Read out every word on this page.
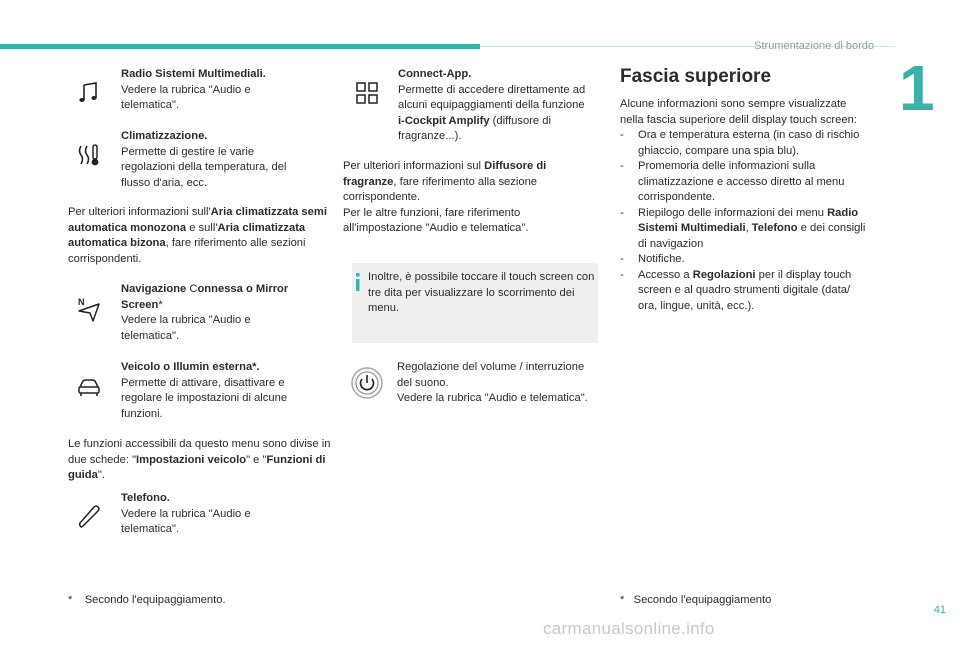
Strumentazione di bordo
1
Radio Sistemi Multimediali.
Vedere la rubrica "Audio e telematica".
Climatizzazione.
Permette di gestire le varie regolazioni della temperatura, del flusso d'aria, ecc.
Per ulteriori informazioni sull'Aria climatizzata semi automatica monozona e sull'Aria climatizzata automatica bizona, fare riferimento alle sezioni corrispondenti.
N
Navigazione Connessa o Mirror Screen*
Vedere la rubrica "Audio e telematica".
Veicolo o Illumin esterna*.
Permette di attivare, disattivare e regolare le impostazioni di alcune funzioni.
Le funzioni accessibili da questo menu sono divise in due schede: "Impostazioni veicolo" e "Funzioni di guida".
Telefono.
Vedere la rubrica "Audio e telematica".
* Secondo l'equipaggiamento.
Connect-App.
Permette di accedere direttamente ad alcuni equipaggiamenti della funzione i-Cockpit Amplify (diffusore di fragranze...).
Per ulteriori informazioni sul Diffusore di fragranze, fare riferimento alla sezione corrispondente.
Per le altre funzioni, fare riferimento all'impostazione "Audio e telematica".
Inoltre, è possibile toccare il touch screen con tre dita per visualizzare lo scorrimento dei menu.
Regolazione del volume / interruzione del suono.
Vedere la rubrica "Audio e telematica".
Fascia superiore
Alcune informazioni sono sempre visualizzate nella fascia superiore delil display touch screen:
- Ora e temperatura esterna (in caso di rischio ghiaccio, compare una spia blu).
- Promemoria delle informazioni sulla climatizzazione e accesso diretto al menu corrispondente.
- Riepilogo delle informazioni dei menu Radio Sistemi Multimediali, Telefono e dei consigli di navigazion
- Notifiche.
- Accesso a Regolazioni per il display touch screen e al quadro strumenti digitale (data/ ora, lingue, unità, ecc.).
* Secondo l'equipaggiamento
41
carmanualsonline.info
